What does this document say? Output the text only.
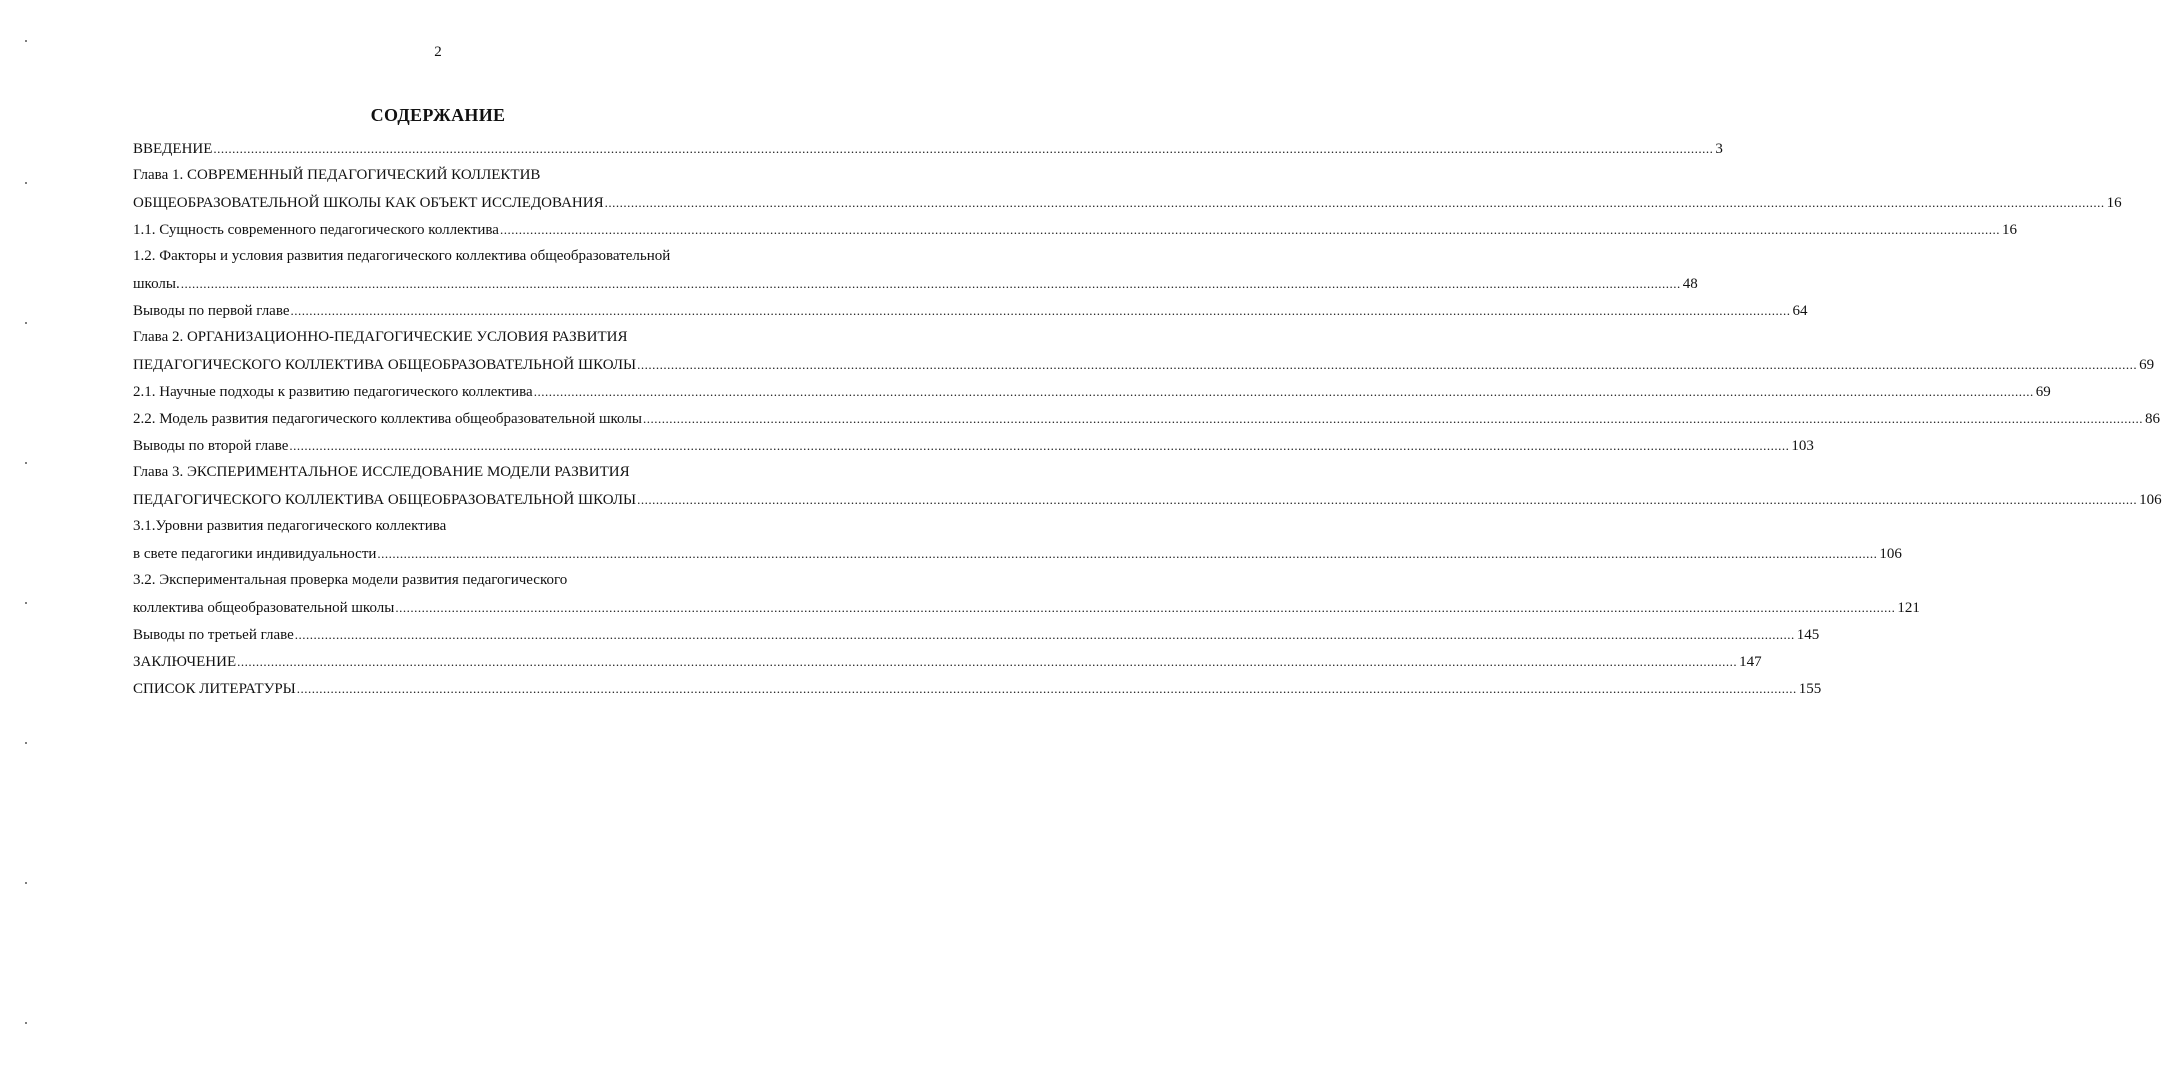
2
СОДЕРЖАНИЕ
ВВЕДЕНИЕ ................................................................................................................................................................................................................................................................................................................................................................................................................ 3
Глава 1. СОВРЕМЕННЫЙ ПЕДАГОГИЧЕСКИЙ КОЛЛЕКТИВ
ОБЩЕОБРАЗОВАТЕЛЬНОЙ ШКОЛЫ КАК ОБЪЕКТ ИССЛЕДОВАНИЯ ................................................................................................................................................................................................................................................................................................................................................................................................................ 16
1.1. Сущность современного педагогического коллектива ................................................................................................................................................................................................................................................................................................................................................................................................................ 16
1.2. Факторы и условия развития педагогического коллектива общеобразовательной
школы. ................................................................................................................................................................................................................................................................................................................................................................................................................ 48
Выводы по первой главе ................................................................................................................................................................................................................................................................................................................................................................................................................ 64
Глава 2. ОРГАНИЗАЦИОННО-ПЕДАГОГИЧЕСКИЕ УСЛОВИЯ РАЗВИТИЯ
ПЕДАГОГИЧЕСКОГО КОЛЛЕКТИВА ОБЩЕОБРАЗОВАТЕЛЬНОЙ ШКОЛЫ ................................................................................................................................................................................................................................................................................................................................................................................................................ 69
2.1. Научные подходы к развитию педагогического коллектива ................................................................................................................................................................................................................................................................................................................................................................................................................ 69
2.2. Модель развития педагогического коллектива общеобразовательной школы ................................................................................................................................................................................................................................................................................................................................................................................................................ 86
Выводы по второй главе ................................................................................................................................................................................................................................................................................................................................................................................................................ 103
Глава 3. ЭКСПЕРИМЕНТАЛЬНОЕ ИССЛЕДОВАНИЕ МОДЕЛИ РАЗВИТИЯ
ПЕДАГОГИЧЕСКОГО КОЛЛЕКТИВА ОБЩЕОБРАЗОВАТЕЛЬНОЙ ШКОЛЫ ................................................................................................................................................................................................................................................................................................................................................................................................................ 106
3.1.Уровни развития педагогического коллектива
в свете педагогики индивидуальности ................................................................................................................................................................................................................................................................................................................................................................................................................ 106
3.2. Экспериментальная проверка модели развития педагогического
коллектива общеобразовательной школы ................................................................................................................................................................................................................................................................................................................................................................................................................ 121
Выводы по третьей главе ................................................................................................................................................................................................................................................................................................................................................................................................................ 145
ЗАКЛЮЧЕНИЕ ................................................................................................................................................................................................................................................................................................................................................................................................................ 147
СПИСОК ЛИТЕРАТУРЫ ................................................................................................................................................................................................................................................................................................................................................................................................................ 155
